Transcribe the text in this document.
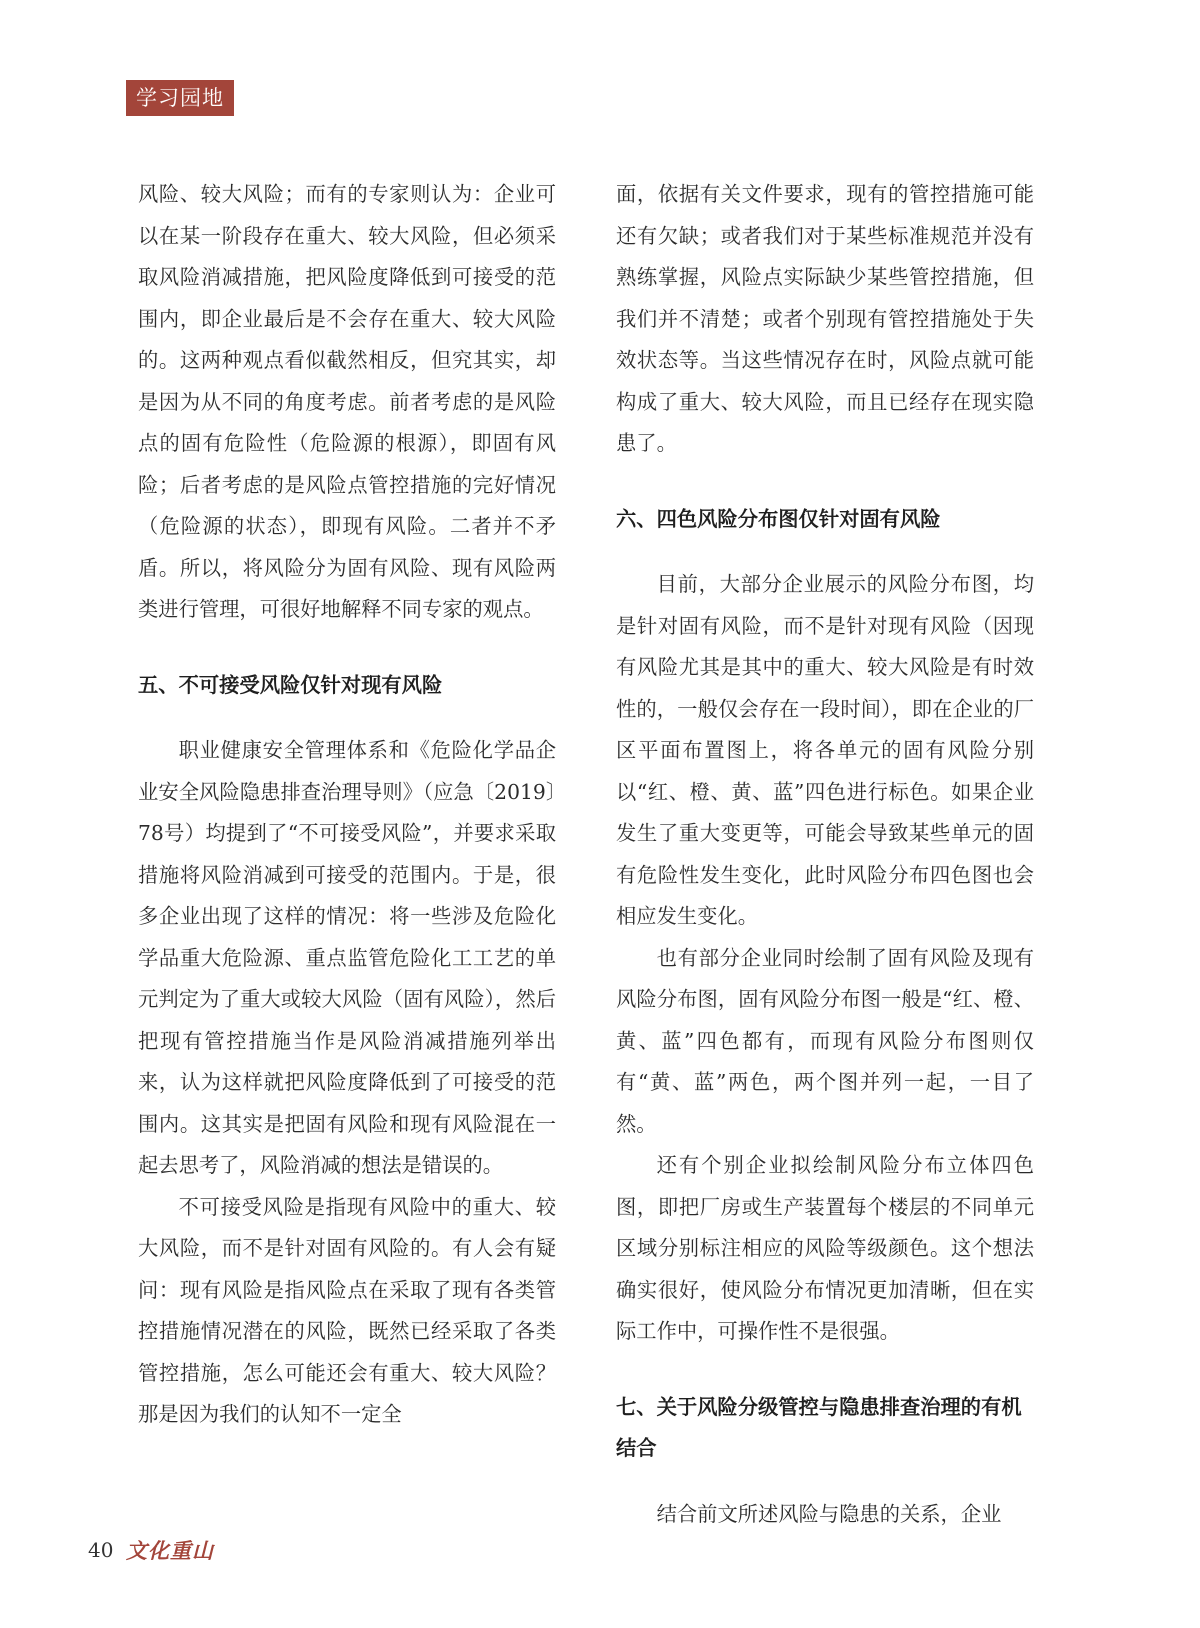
学习园地

风险、较大风险；而有的专家则认为：企业可以在某一阶段存在重大、较大风险，但必须采取风险消减措施，把风险度降低到可接受的范围内，即企业最后是不会存在重大、较大风险的。这两种观点看似截然相反，但究其实，却是因为从不同的角度考虑。前者考虑的是风险点的固有危险性（危险源的根源），即固有风险；后者考虑的是风险点管控措施的完好情况（危险源的状态），即现有风险。二者并不矛盾。所以，将风险分为固有风险、现有风险两类进行管理，可很好地解释不同专家的观点。

五、不可接受风险仅针对现有风险

职业健康安全管理体系和《危险化学品企业安全风险隐患排查治理导则》（应急〔2019〕78号）均提到了“不可接受风险”，并要求采取措施将风险消减到可接受的范围内。于是，很多企业出现了这样的情况：将一些涉及危险化学品重大危险源、重点监管危险化工工艺的单元判定为了重大或较大风险（固有风险），然后把现有管控措施当作是风险消减措施列举出来，认为这样就把风险度降低到了可接受的范围内。这其实是把固有风险和现有风险混在一起去思考了，风险消减的想法是错误的。

不可接受风险是指现有风险中的重大、较大风险，而不是针对固有风险的。有人会有疑问：现有风险是指风险点在采取了现有各类管控措施情况潜在的风险，既然已经采取了各类管控措施，怎么可能还会有重大、较大风险？那是因为我们的认知不一定全

面，依据有关文件要求，现有的管控措施可能还有欠缺；或者我们对于某些标准规范并没有熟练掌握，风险点实际缺少某些管控措施，但我们并不清楚；或者个别现有管控措施处于失效状态等。当这些情况存在时，风险点就可能构成了重大、较大风险，而且已经存在现实隐患了。

六、四色风险分布图仅针对固有风险

目前，大部分企业展示的风险分布图，均是针对固有风险，而不是针对现有风险（因现有风险尤其是其中的重大、较大风险是有时效性的，一般仅会存在一段时间），即在企业的厂区平面布置图上，将各单元的固有风险分别以“红、橙、黄、蓝”四色进行标色。如果企业发生了重大变更等，可能会导致某些单元的固有危险性发生变化，此时风险分布四色图也会相应发生变化。

也有部分企业同时绘制了固有风险及现有风险分布图，固有风险分布图一般是“红、橙、黄、蓝”四色都有，而现有风险分布图则仅有“黄、蓝”两色，两个图并列一起，一目了然。

还有个别企业拟绘制风险分布立体四色图，即把厂房或生产装置每个楼层的不同单元区域分别标注相应的风险等级颜色。这个想法确实很好，使风险分布情况更加清晰，但在实际工作中，可操作性不是很强。

七、关于风险分级管控与隐患排查治理的有机结合

结合前文所述风险与隐患的关系，企业

40 文化重山
